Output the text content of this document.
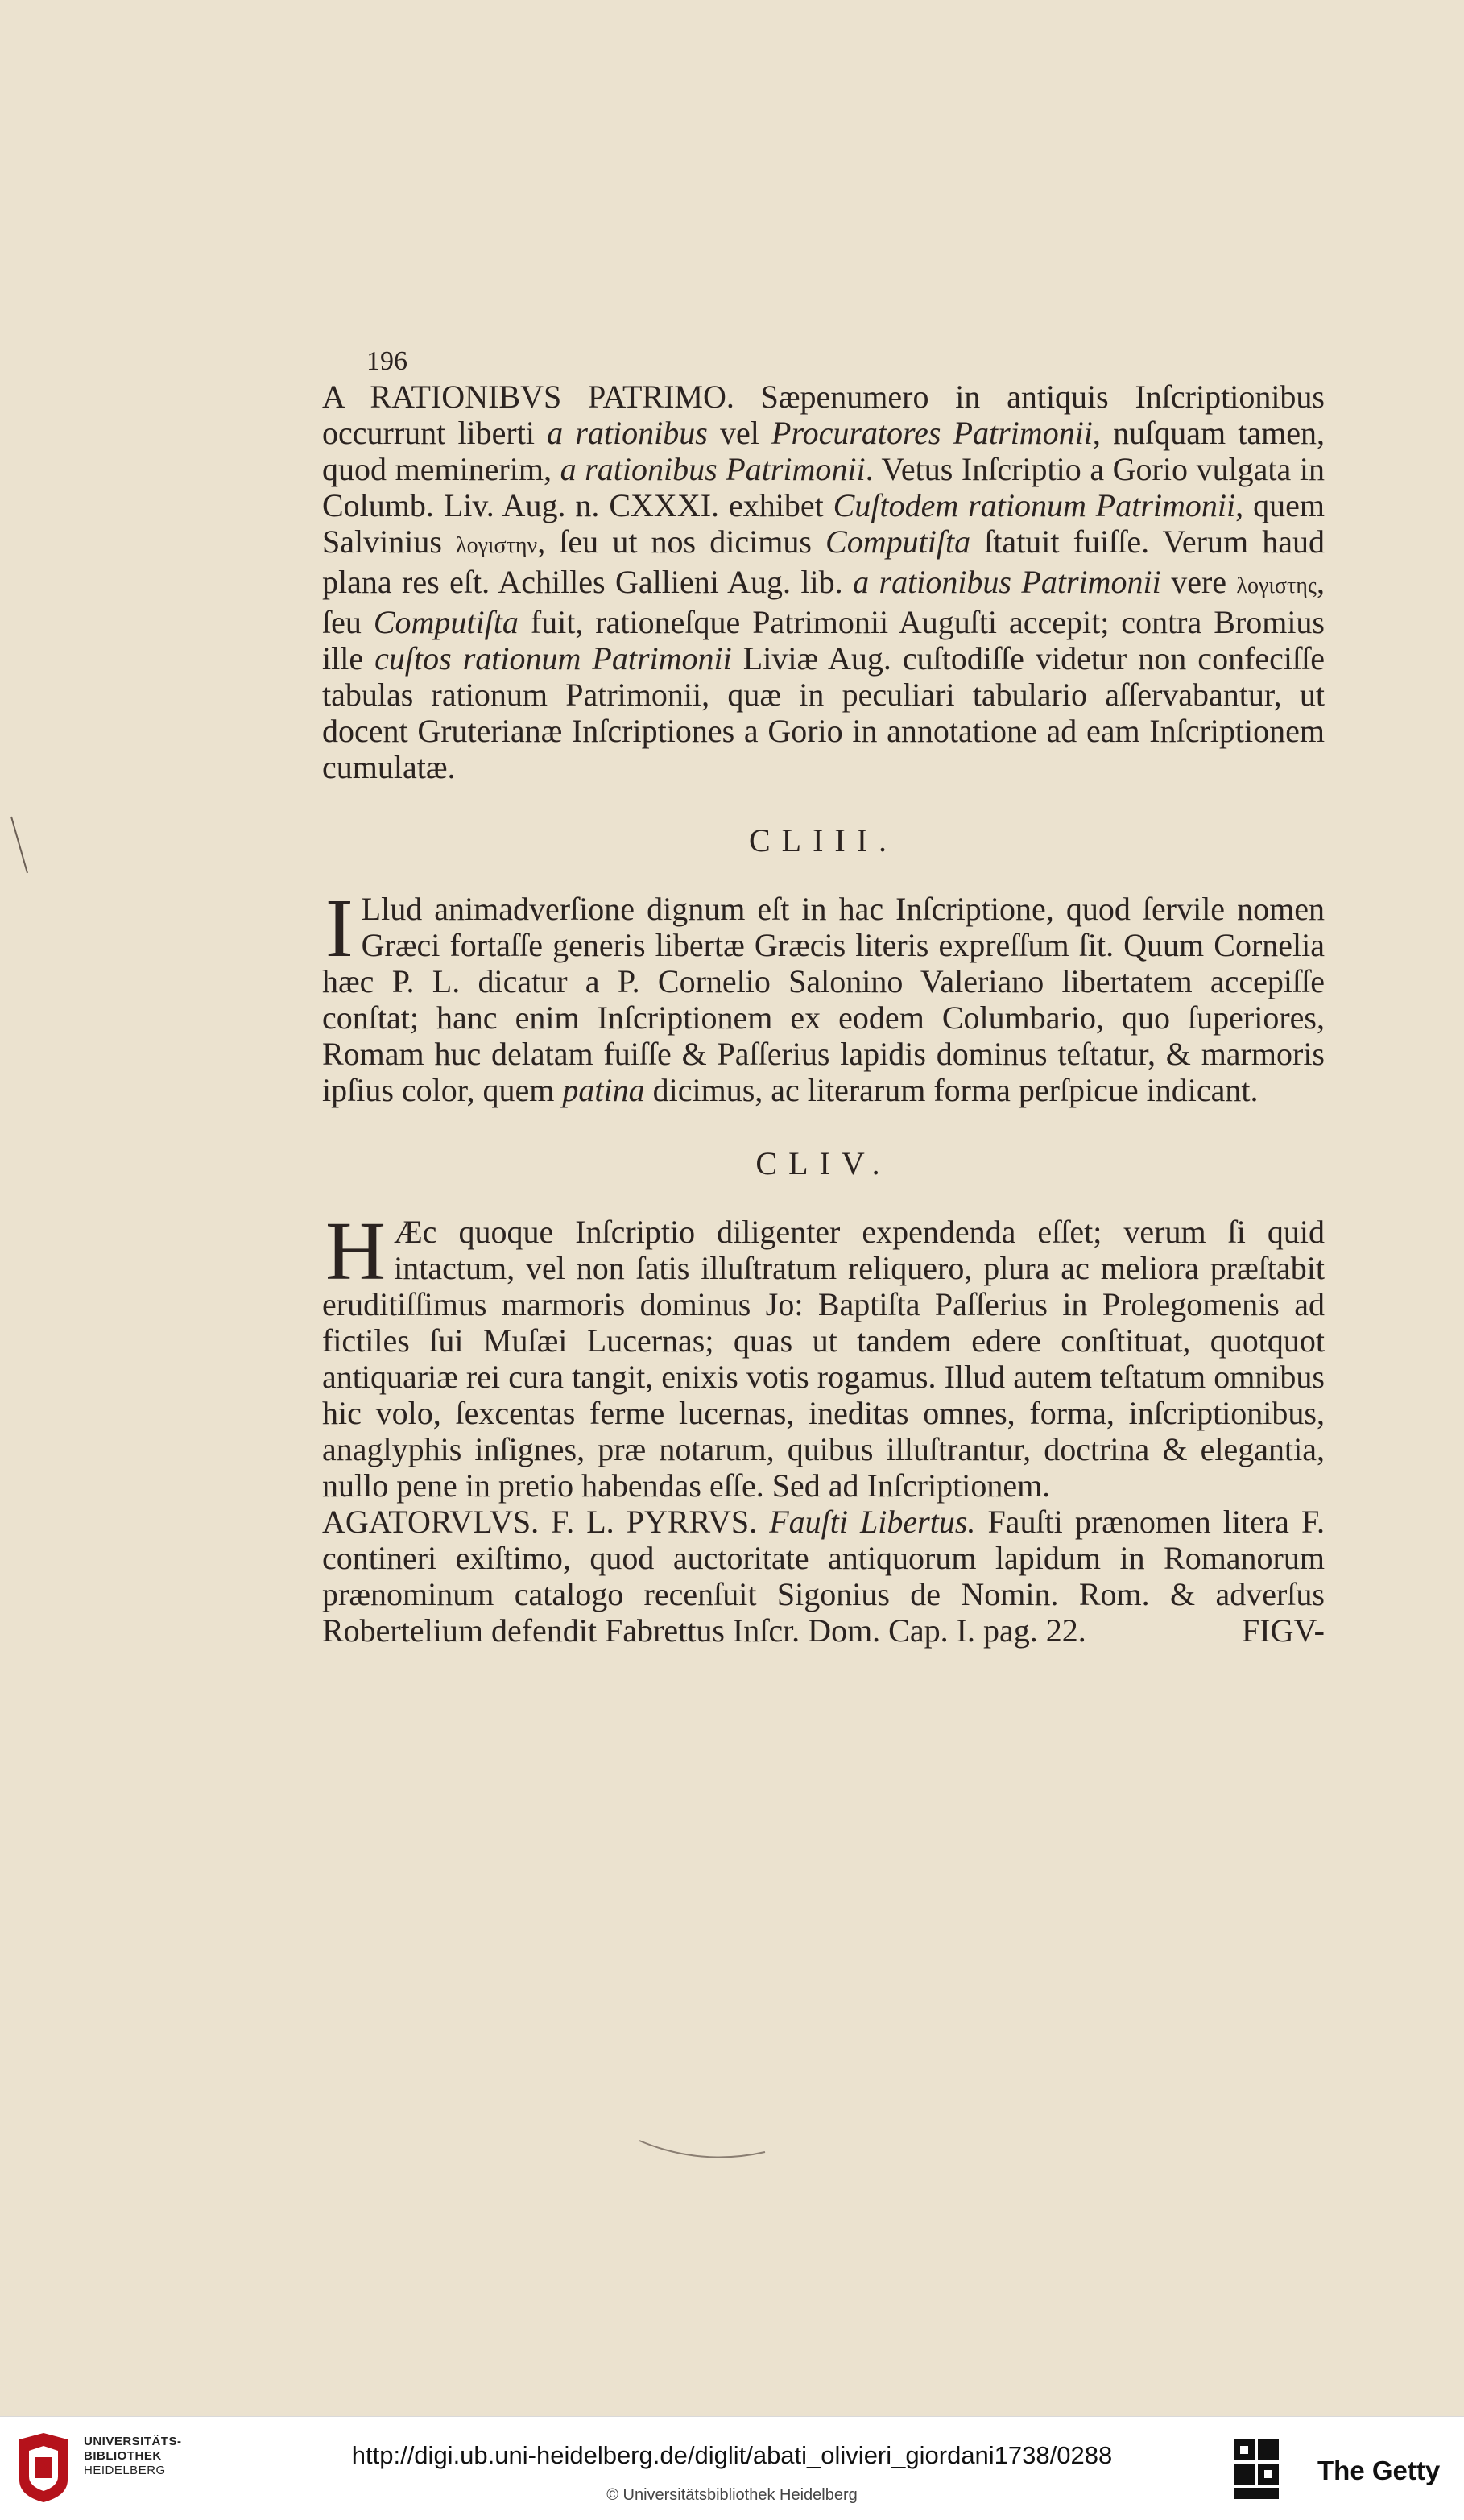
196

A RATIONIBVS PATRIMO. Sæpenumero in antiquis Inſcriptionibus occurrunt liberti a rationibus vel Procuratores Patrimonii, nuſquam tamen, quod meminerim, a rationibus Patrimonii. Vetus Inſcriptio a Gorio vulgata in Columb. Liv. Aug. n. CXXXI. exhibet Cuſtodem rationum Patrimonii, quem Salvinius λογιστην, ſeu ut nos dicimus Computiſta ſtatuit fuiſſe. Verum haud plana res eſt. Achilles Gallieni Aug. lib. a rationibus Patrimonii vere λογιστης, ſeu Computiſta fuit, rationeſque Patrimonii Auguſti accepit; contra Bromius ille cuſtos rationum Patrimonii Liviæ Aug. cuſtodiſſe videtur non confeciſſe tabulas rationum Patrimonii, quæ in peculiari tabulario aſſervabantur, ut docent Gruterianæ Inſcriptiones a Gorio in annotatione ad eam Inſcriptionem cumulatæ.

CLIII.

I Llud animadverſione dignum eſt in hac Inſcriptione, quod ſervile nomen Græci fortaſſe generis libertæ Græcis literis expreſſum ſit. Quum Cornelia hæc P. L. dicatur a P. Cornelio Salonino Valeriano libertatem accepiſſe conſtat; hanc enim Inſcriptionem ex eodem Columbario, quo ſuperiores, Romam huc delatam fuiſſe & Paſſerius lapidis dominus teſtatur, & marmoris ipſius color, quem patina dicimus, ac literarum forma perſpicue indicant.

CLIV.

H Æc quoque Inſcriptio diligenter expendenda eſſet; verum ſi quid intactum, vel non ſatis illuſtratum reliquero, plura ac meliora præſtabit eruditiſſimus marmoris dominus Jo: Baptiſta Paſſerius in Prolegomenis ad fictiles ſui Muſæi Lucernas; quas ut tandem edere conſtituat, quotquot antiquariæ rei cura tangit, enixis votis rogamus. Illud autem teſtatum omnibus hic volo, ſexcentas ferme lucernas, ineditas omnes, forma, inſcriptionibus, anaglyphis inſignes, præ notarum, quibus illuſtrantur, doctrina & elegantia, nullo pene in pretio habendas eſſe. Sed ad Inſcriptionem.

AGATORVLVS. F. L. PYRRVS. Fauſti Libertus. Fauſti prænomen litera F. contineri exiſtimo, quod auctoritate antiquorum lapidum in Romanorum prænominum catalogo recenſuit Sigonius de Nomin. Rom. & adverſus Robertelium defendit Fabrettus Inſcr. Dom. Cap. I. pag. 22.	FIGV-

UNIVERSITÄTS-
BIBLIOTHEK
HEIDELBERG
http://digi.ub.uni-heidelberg.de/diglit/abati_olivieri_giordani1738/0288
© Universitätsbibliothek Heidelberg
The Getty
